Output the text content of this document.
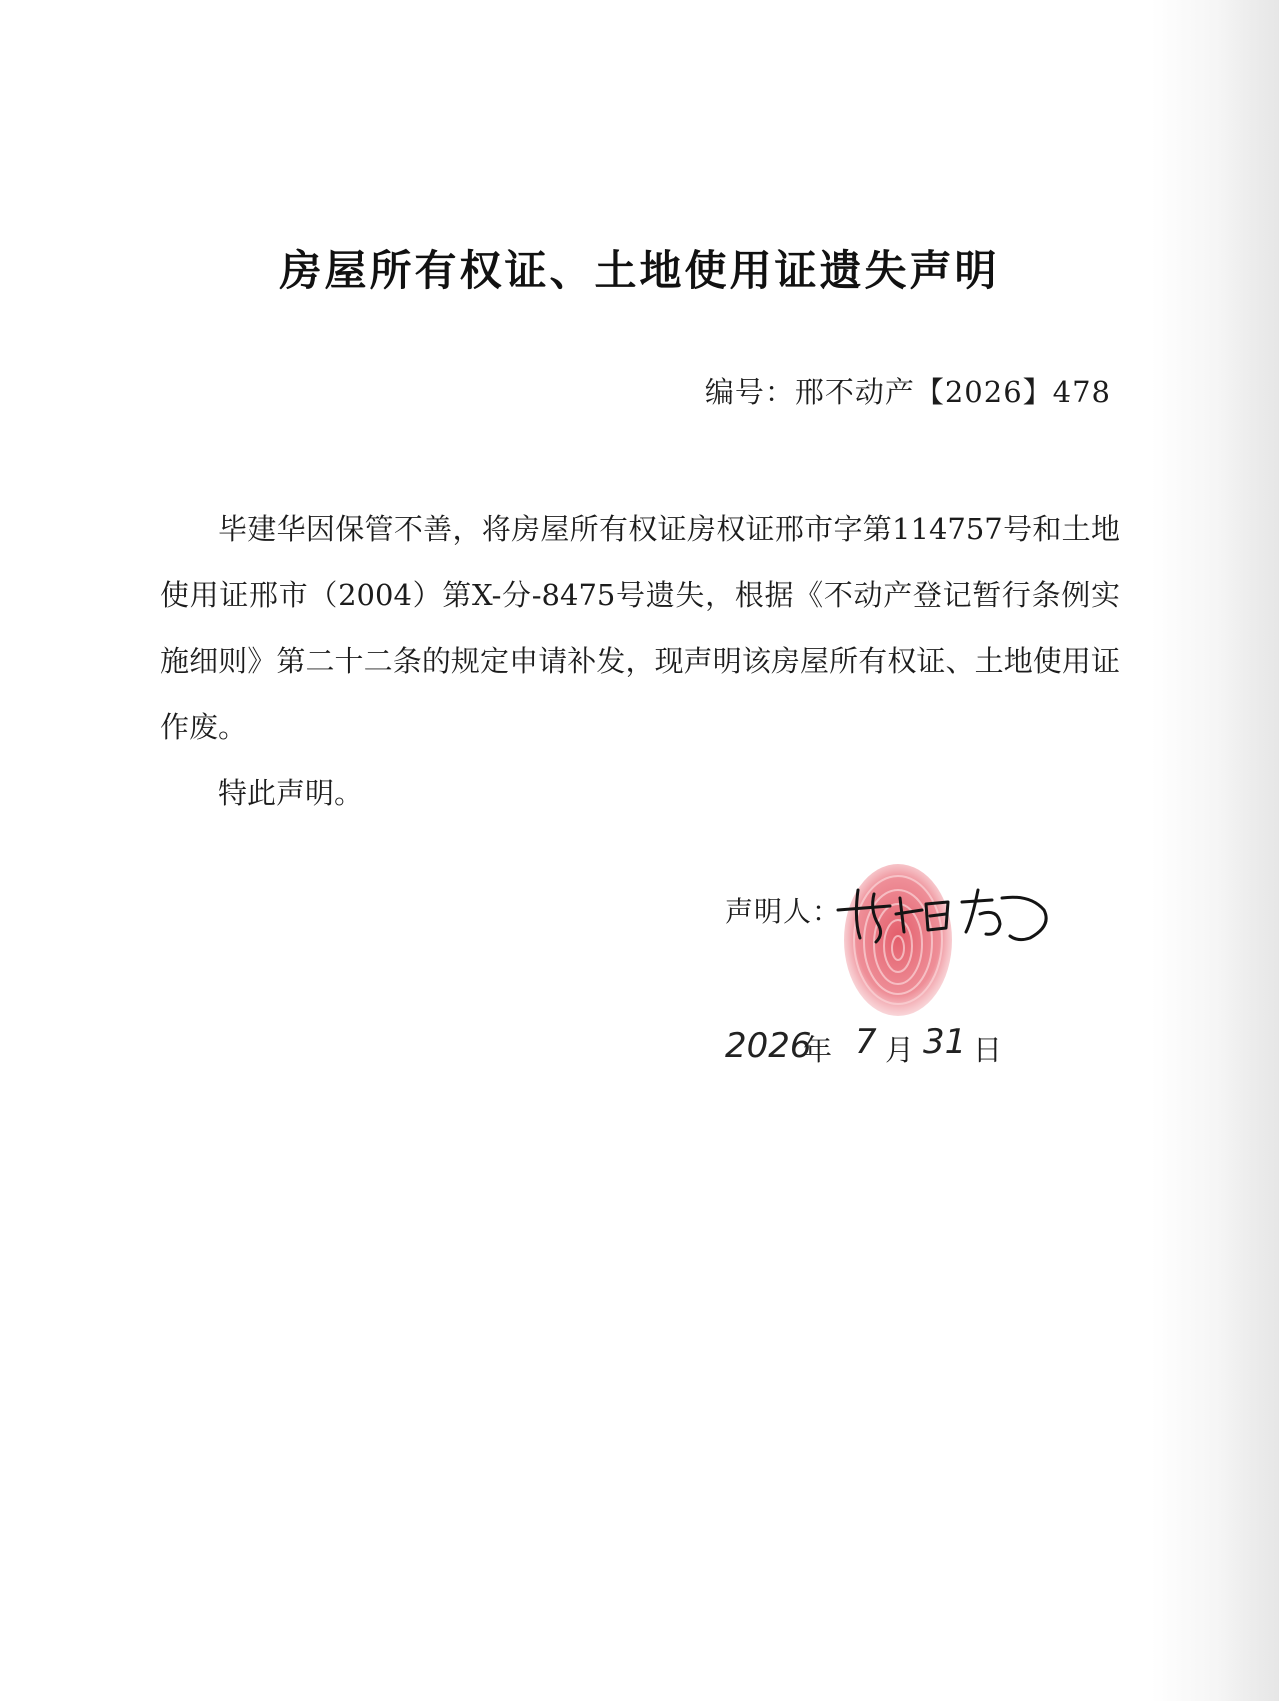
房屋所有权证、土地使用证遗失声明
编号：邢不动产【2026】478

毕建华因保管不善，将房屋所有权证房权证邢市字第114757号和土地使用证邢市（2004）第X-分-8475号遗失，根据《不动产登记暂行条例实施细则》第二十二条的规定申请补发，现声明该房屋所有权证、土地使用证作废。

特此声明。

声明人：
2026
年 7 月 31 日
